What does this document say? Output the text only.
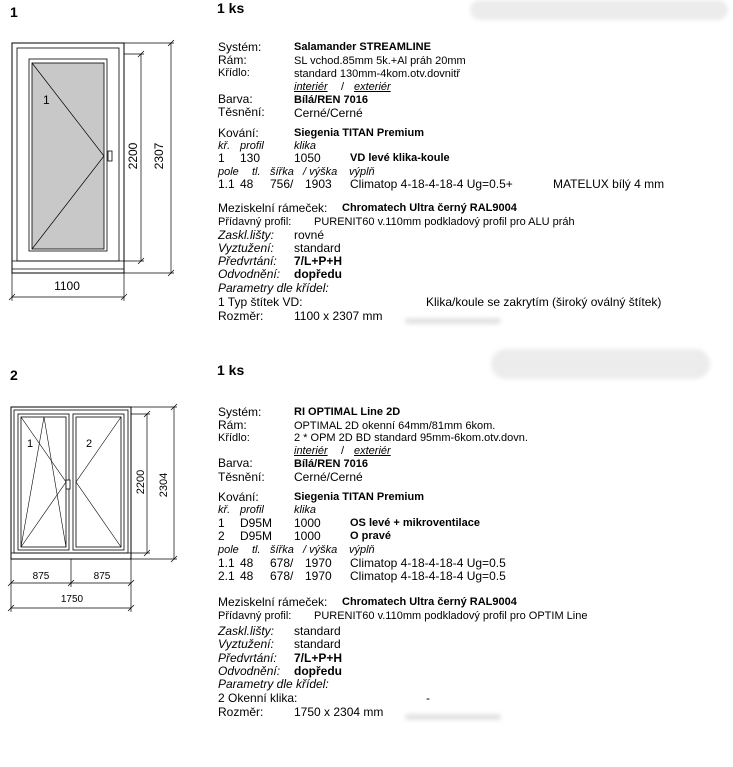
1	1 ks
1
2200 2307
1100
Systém:	Salamander STREAMLINE
Rám:	SL vchod.85mm 5k.+Al práh 20mm
Křídlo:	standard 130mm-4kom.otv.dovnitř
interiér / exteriér
Barva:	Bílá/REN 7016
Těsnění: Cerné/Cerné
Kování:	Siegenia TITAN Premium
kř. profil	klika
1 130	1050	VD levé klika-koule
pole tl. šířka / výška výplň
1.1 48 756/ 1903 Climatop 4-18-4-18-4 Ug=0.5+	MATELUX bílý 4 mm
Meziskelní rámeček: Chromatech Ultra černý RAL9004
Přídavný profil: PURENIT60 v.110mm podkladový profil pro ALU práh
Zaskl.lišty: rovné
Vyztužení: standard
Předvrtání: 7/L+P+H
Odvodnění: dopředu
Parametry dle křídel:
1 Typ štítek VD:	Klika/koule se zakrytím (široký oválný štítek)
Rozměr:	1100 x 2307 mm
2	1 ks
1	2
2200 2304
875	875
1750
Systém:	RI OPTIMAL Line 2D
Rám:	OPTIMAL 2D okenní 64mm/81mm 6kom.
Křídlo:	2 * OPM 2D BD standard 95mm-6kom.otv.dovn.
interiér / exteriér
Barva:	Bílá/REN 7016
Těsnění: Cerné/Cerné
Kování:	Siegenia TITAN Premium
kř. profil	klika
1 D95M 1000	OS levé + mikroventilace
2 D95M 1000	O pravé
pole tl. šířka / výška výplň
1.1 48 678/ 1970 Climatop 4-18-4-18-4 Ug=0.5
2.1 48 678/ 1970 Climatop 4-18-4-18-4 Ug=0.5
Meziskelní rámeček: Chromatech Ultra černý RAL9004
Přídavný profil: PURENIT60 v.110mm podkladový profil pro OPTIM Line
Zaskl.lišty: standard
Vyztužení: standard
Předvrtání: 7/L+P+H
Odvodnění: dopředu
Parametry dle křídel:
2 Okenní klika:	-
Rozměr:	1750 x 2304 mm
